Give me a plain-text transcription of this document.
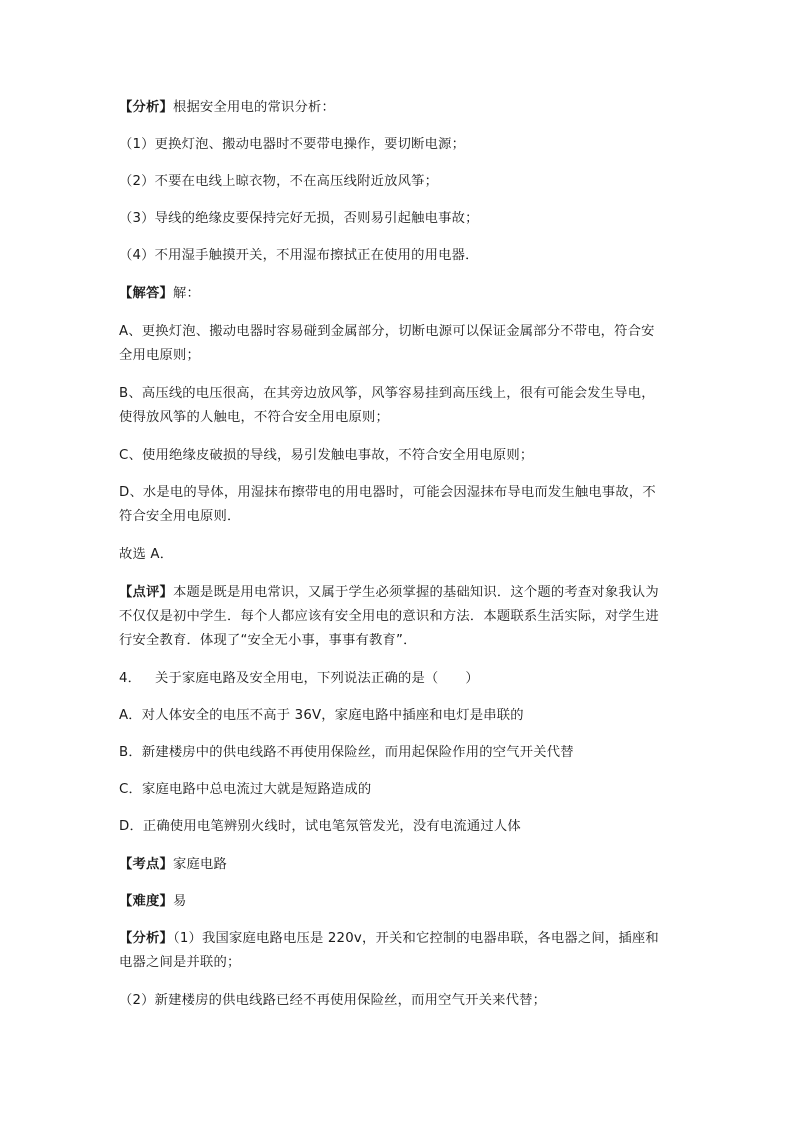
【分析】根据安全用电的常识分析：
（1）更换灯泡、搬动电器时不要带电操作，要切断电源；
（2）不要在电线上晾衣物，不在高压线附近放风筝；
（3）导线的绝缘皮要保持完好无损，否则易引起触电事故；
（4）不用湿手触摸开关，不用湿布擦拭正在使用的用电器．
【解答】解：
A、更换灯泡、搬动电器时容易碰到金属部分，切断电源可以保证金属部分不带电，符合安
全用电原则；
B、高压线的电压很高，在其旁边放风筝，风筝容易挂到高压线上，很有可能会发生导电，
使得放风筝的人触电，不符合安全用电原则；
C、使用绝缘皮破损的导线，易引发触电事故，不符合安全用电原则；
D、水是电的导体，用湿抹布擦带电的用电器时，可能会因湿抹布导电而发生触电事故，不
符合安全用电原则．
故选 A．
【点评】本题是既是用电常识，又属于学生必须掌握的基础知识．这个题的考查对象我认为
不仅仅是初中学生．每个人都应该有安全用电的意识和方法．本题联系生活实际，对学生进
行安全教育．体现了“安全无小事，事事有教育”．
4． 关于家庭电路及安全用电，下列说法正确的是（　　）
A．对人体安全的电压不高于 36V，家庭电路中插座和电灯是串联的
B．新建楼房中的供电线路不再使用保险丝，而用起保险作用的空气开关代替
C．家庭电路中总电流过大就是短路造成的
D．正确使用电笔辨别火线时，试电笔氖管发光，没有电流通过人体
【考点】家庭电路
【难度】易
【分析】（1）我国家庭电路电压是 220v，开关和它控制的电器串联，各电器之间，插座和
电器之间是并联的；
（2）新建楼房的供电线路已经不再使用保险丝，而用空气开关来代替；
